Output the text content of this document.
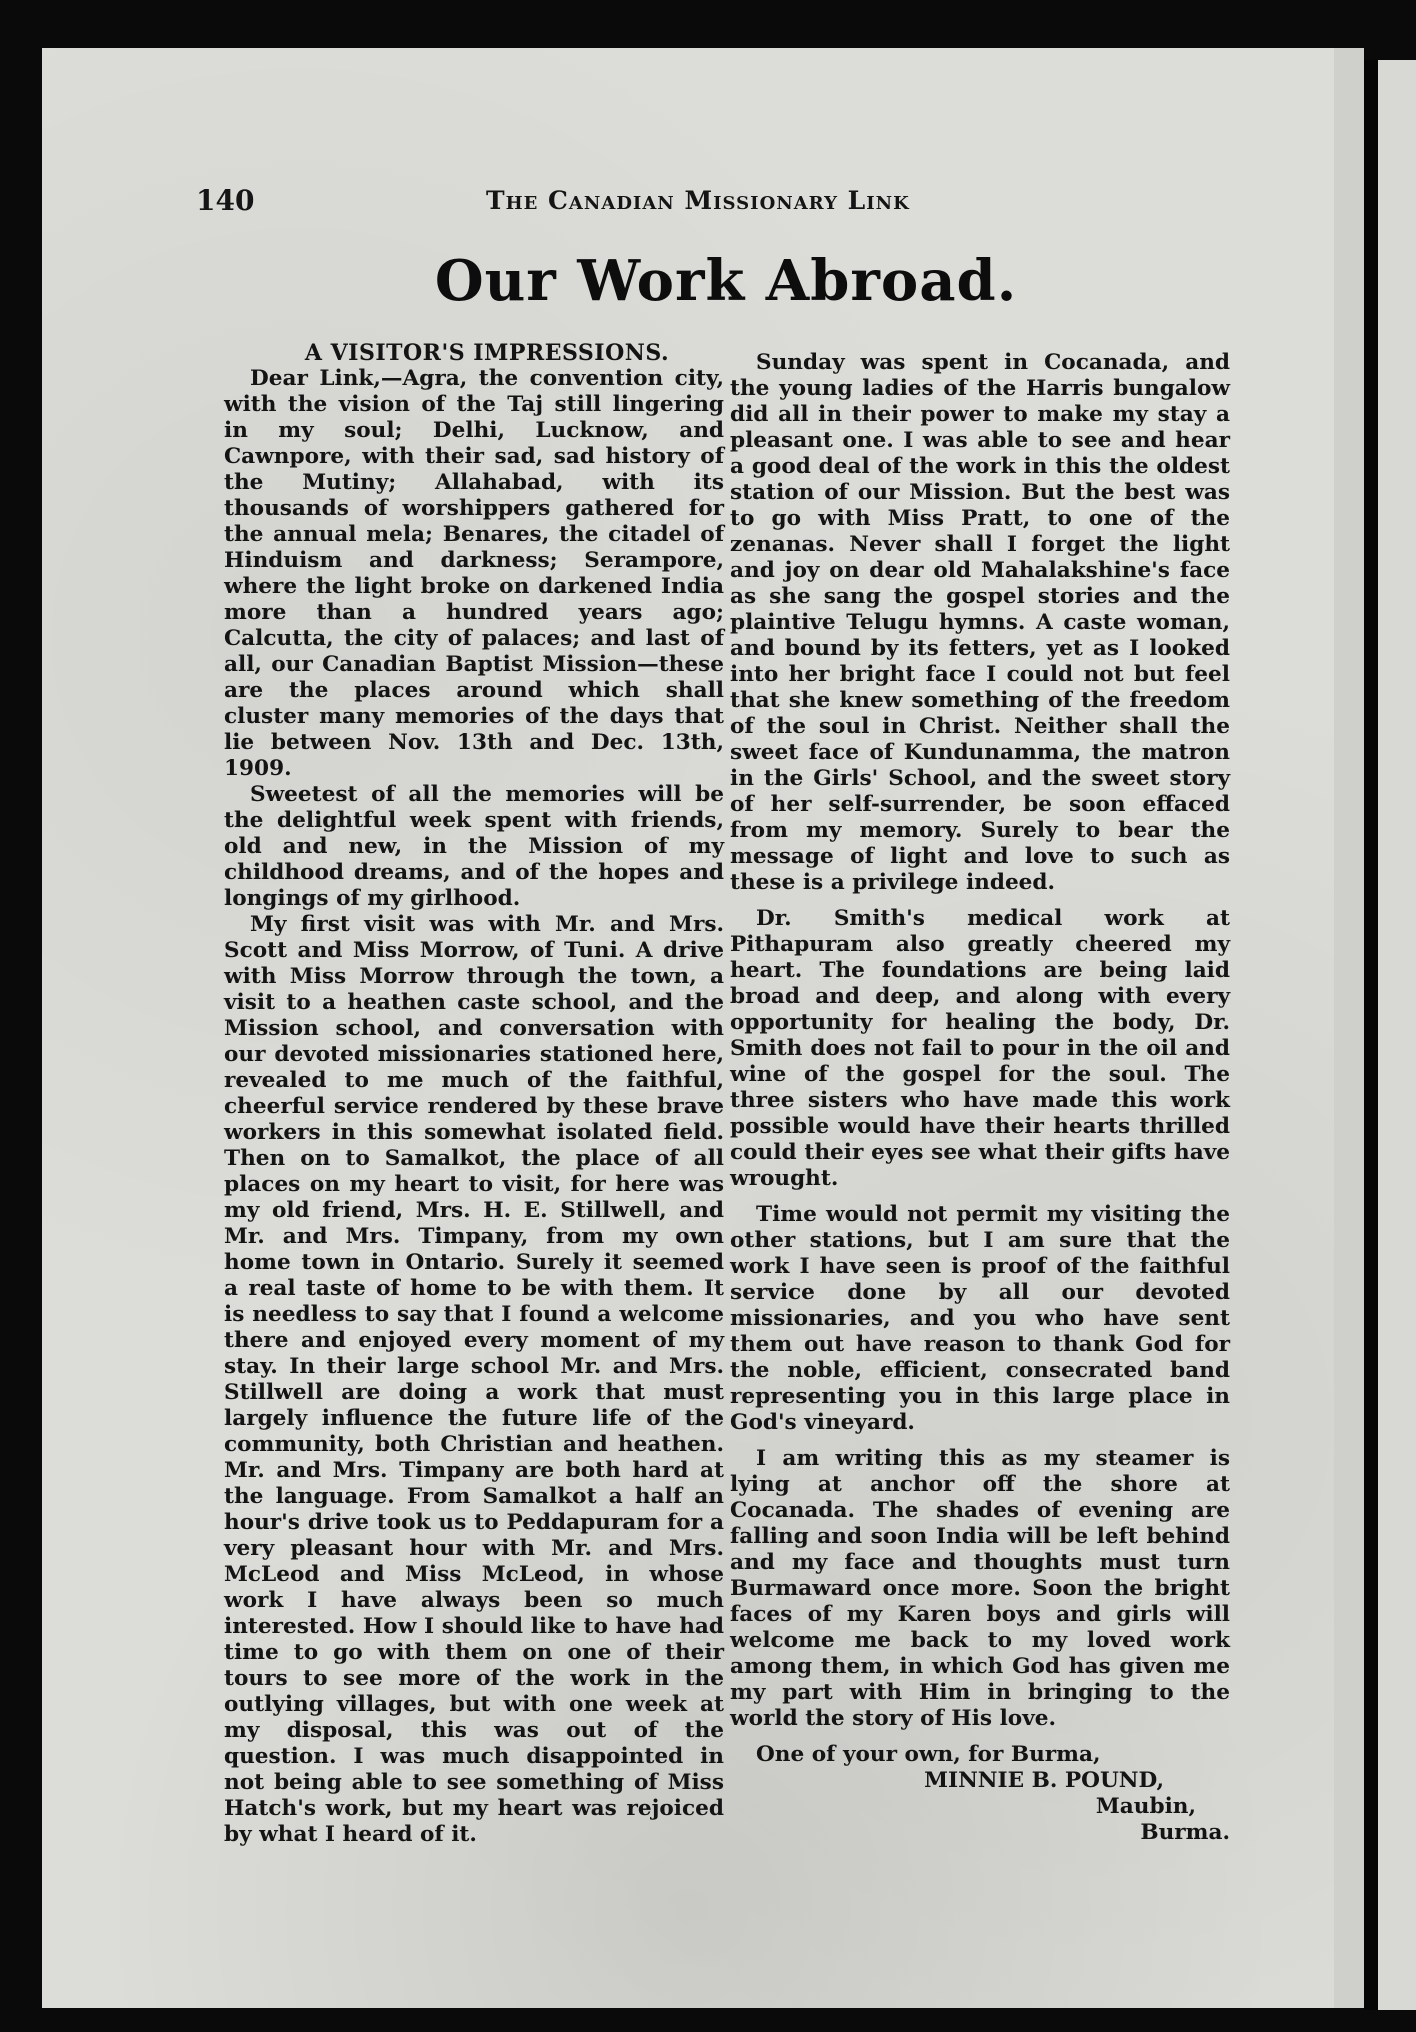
140	The Canadian Missionary Link
Our Work Abroad.

A VISITOR'S IMPRESSIONS.

Dear Link,—Agra, the convention city, with the vision of the Taj still lingering in my soul; Delhi, Lucknow, and Cawnpore, with their sad, sad history of the Mutiny; Allahabad, with its thousands of worshippers gathered for the annual mela; Benares, the citadel of Hinduism and darkness; Serampore, where the light broke on darkened India more than a hundred years ago; Calcutta, the city of palaces; and last of all, our Canadian Baptist Mission—these are the places around which shall cluster many memories of the days that lie between Nov. 13th and Dec. 13th, 1909.

Sweetest of all the memories will be the delightful week spent with friends, old and new, in the Mission of my childhood dreams, and of the hopes and longings of my girlhood.

My first visit was with Mr. and Mrs. Scott and Miss Morrow, of Tuni. A drive with Miss Morrow through the town, a visit to a heathen caste school, and the Mission school, and conversation with our devoted missionaries stationed here, revealed to me much of the faithful, cheerful service rendered by these brave workers in this somewhat isolated field. Then on to Samalkot, the place of all places on my heart to visit, for here was my old friend, Mrs. H. E. Stillwell, and Mr. and Mrs. Timpany, from my own home town in Ontario. Surely it seemed a real taste of home to be with them. It is needless to say that I found a welcome there and enjoyed every moment of my stay. In their large school Mr. and Mrs. Stillwell are doing a work that must largely influence the future life of the community, both Christian and heathen. Mr. and Mrs. Timpany are both hard at the language. From Samalkot a half an hour's drive took us to Peddapuram for a very pleasant hour with Mr. and Mrs. McLeod and Miss McLeod, in whose work I have always been so much interested. How I should like to have had time to go with them on one of their tours to see more of the work in the outlying villages, but with one week at my disposal, this was out of the question. I was much disappointed in not being able to see something of Miss Hatch's work, but my heart was rejoiced by what I heard of it.

Sunday was spent in Cocanada, and the young ladies of the Harris bungalow did all in their power to make my stay a pleasant one. I was able to see and hear a good deal of the work in this the oldest station of our Mission. But the best was to go with Miss Pratt, to one of the zenanas. Never shall I forget the light and joy on dear old Mahalakshine's face as she sang the gospel stories and the plaintive Telugu hymns. A caste woman, and bound by its fetters, yet as I looked into her bright face I could not but feel that she knew something of the freedom of the soul in Christ. Neither shall the sweet face of Kundunamma, the matron in the Girls' School, and the sweet story of her self-surrender, be soon effaced from my memory. Surely to bear the message of light and love to such as these is a privilege indeed.

Dr. Smith's medical work at Pithapuram also greatly cheered my heart. The foundations are being laid broad and deep, and along with every opportunity for healing the body, Dr. Smith does not fail to pour in the oil and wine of the gospel for the soul. The three sisters who have made this work possible would have their hearts thrilled could their eyes see what their gifts have wrought.

Time would not permit my visiting the other stations, but I am sure that the work I have seen is proof of the faithful service done by all our devoted missionaries, and you who have sent them out have reason to thank God for the noble, efficient, consecrated band representing you in this large place in God's vineyard.

I am writing this as my steamer is lying at anchor off the shore at Cocanada. The shades of evening are falling and soon India will be left behind and my face and thoughts must turn Burmaward once more. Soon the bright faces of my Karen boys and girls will welcome me back to my loved work among them, in which God has given me my part with Him in bringing to the world the story of His love.

One of your own, for Burma,

MINNIE B. POUND,

Maubin,

Burma.
